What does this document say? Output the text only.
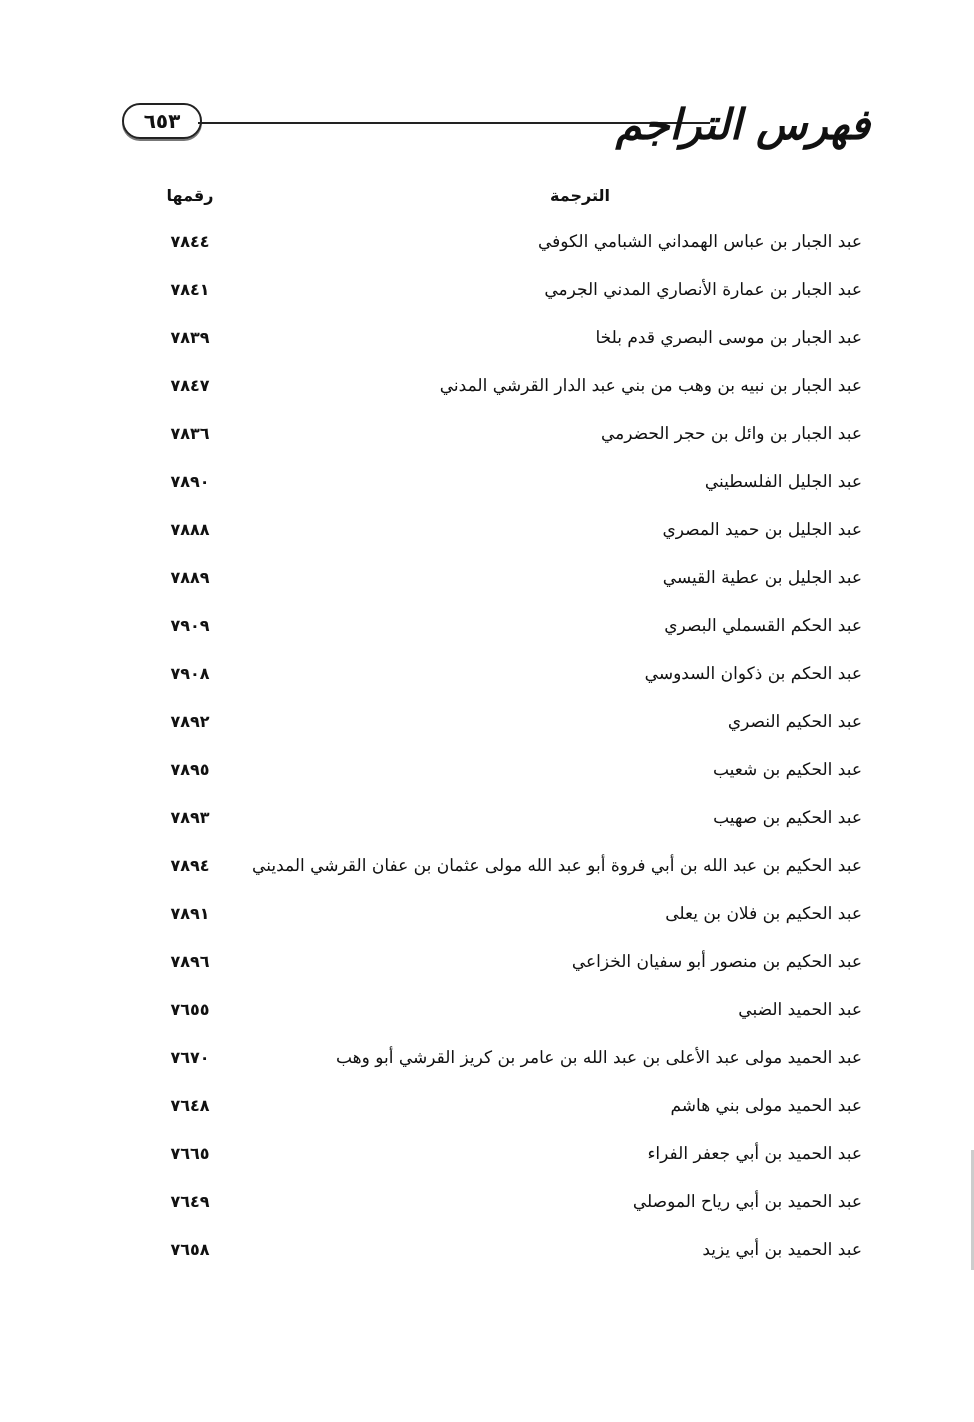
٦٥٣	فهرس التراجم
الترجمة
رقمها
عبد الجبار بن عباس الهمداني الشبامي الكوفي
٧٨٤٤
عبد الجبار بن عمارة الأنصاري المدني الجرمي
٧٨٤١
عبد الجبار بن موسى البصري قدم بلخا
٧٨٣٩
عبد الجبار بن نبيه بن وهب من بني عبد الدار القرشي المدني
٧٨٤٧
عبد الجبار بن وائل بن حجر الحضرمي
٧٨٣٦
عبد الجليل الفلسطيني
٧٨٩٠
عبد الجليل بن حميد المصري
٧٨٨٨
عبد الجليل بن عطية القيسي
٧٨٨٩
عبد الحكم القسملي البصري
٧٩٠٩
عبد الحكم بن ذكوان السدوسي
٧٩٠٨
عبد الحكيم النصري
٧٨٩٢
عبد الحكيم بن شعيب
٧٨٩٥
عبد الحكيم بن صهيب
٧٨٩٣
عبد الحكيم بن عبد الله بن أبي فروة أبو عبد الله مولى عثمان بن عفان القرشي المديني
٧٨٩٤
عبد الحكيم بن فلان بن يعلى
٧٨٩١
عبد الحكيم بن منصور أبو سفيان الخزاعي
٧٨٩٦
عبد الحميد الضبي
٧٦٥٥
عبد الحميد مولى عبد الأعلى بن عبد الله بن عامر بن كريز القرشي أبو وهب
٧٦٧٠
عبد الحميد مولى بني هاشم
٧٦٤٨
عبد الحميد بن أبي جعفر الفراء
٧٦٦٥
عبد الحميد بن أبي رياح الموصلي
٧٦٤٩
عبد الحميد بن أبي يزيد
٧٦٥٨
